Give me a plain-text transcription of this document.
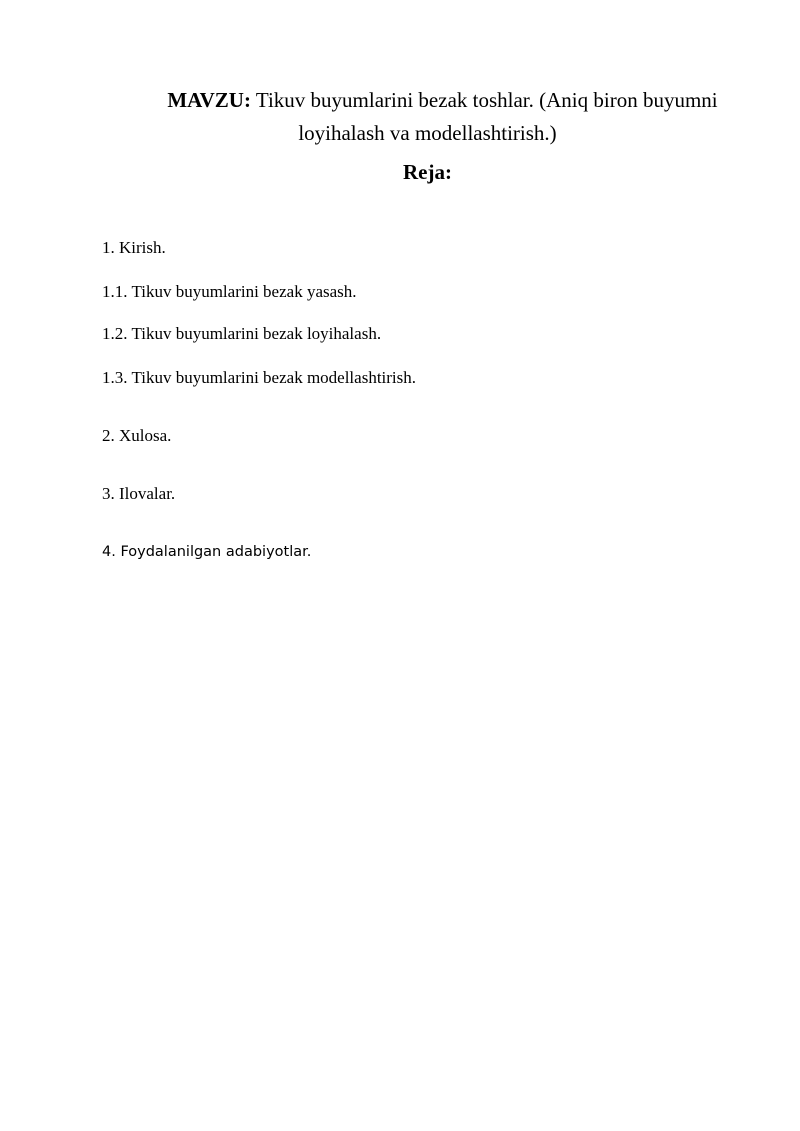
MAVZU: Tikuv buyumlarini bezak toshlar. (Aniq biron buyumni loyihalash va modellashtirish.)
Reja:
1. Kirish.
1.1. Tikuv buyumlarini bezak yasash.
1.2. Tikuv buyumlarini bezak loyihalash.
1.3. Tikuv buyumlarini bezak modellashtirish.
2. Xulosa.
3. Ilovalar.
4. Foydalanilgan adabiyotlar.
